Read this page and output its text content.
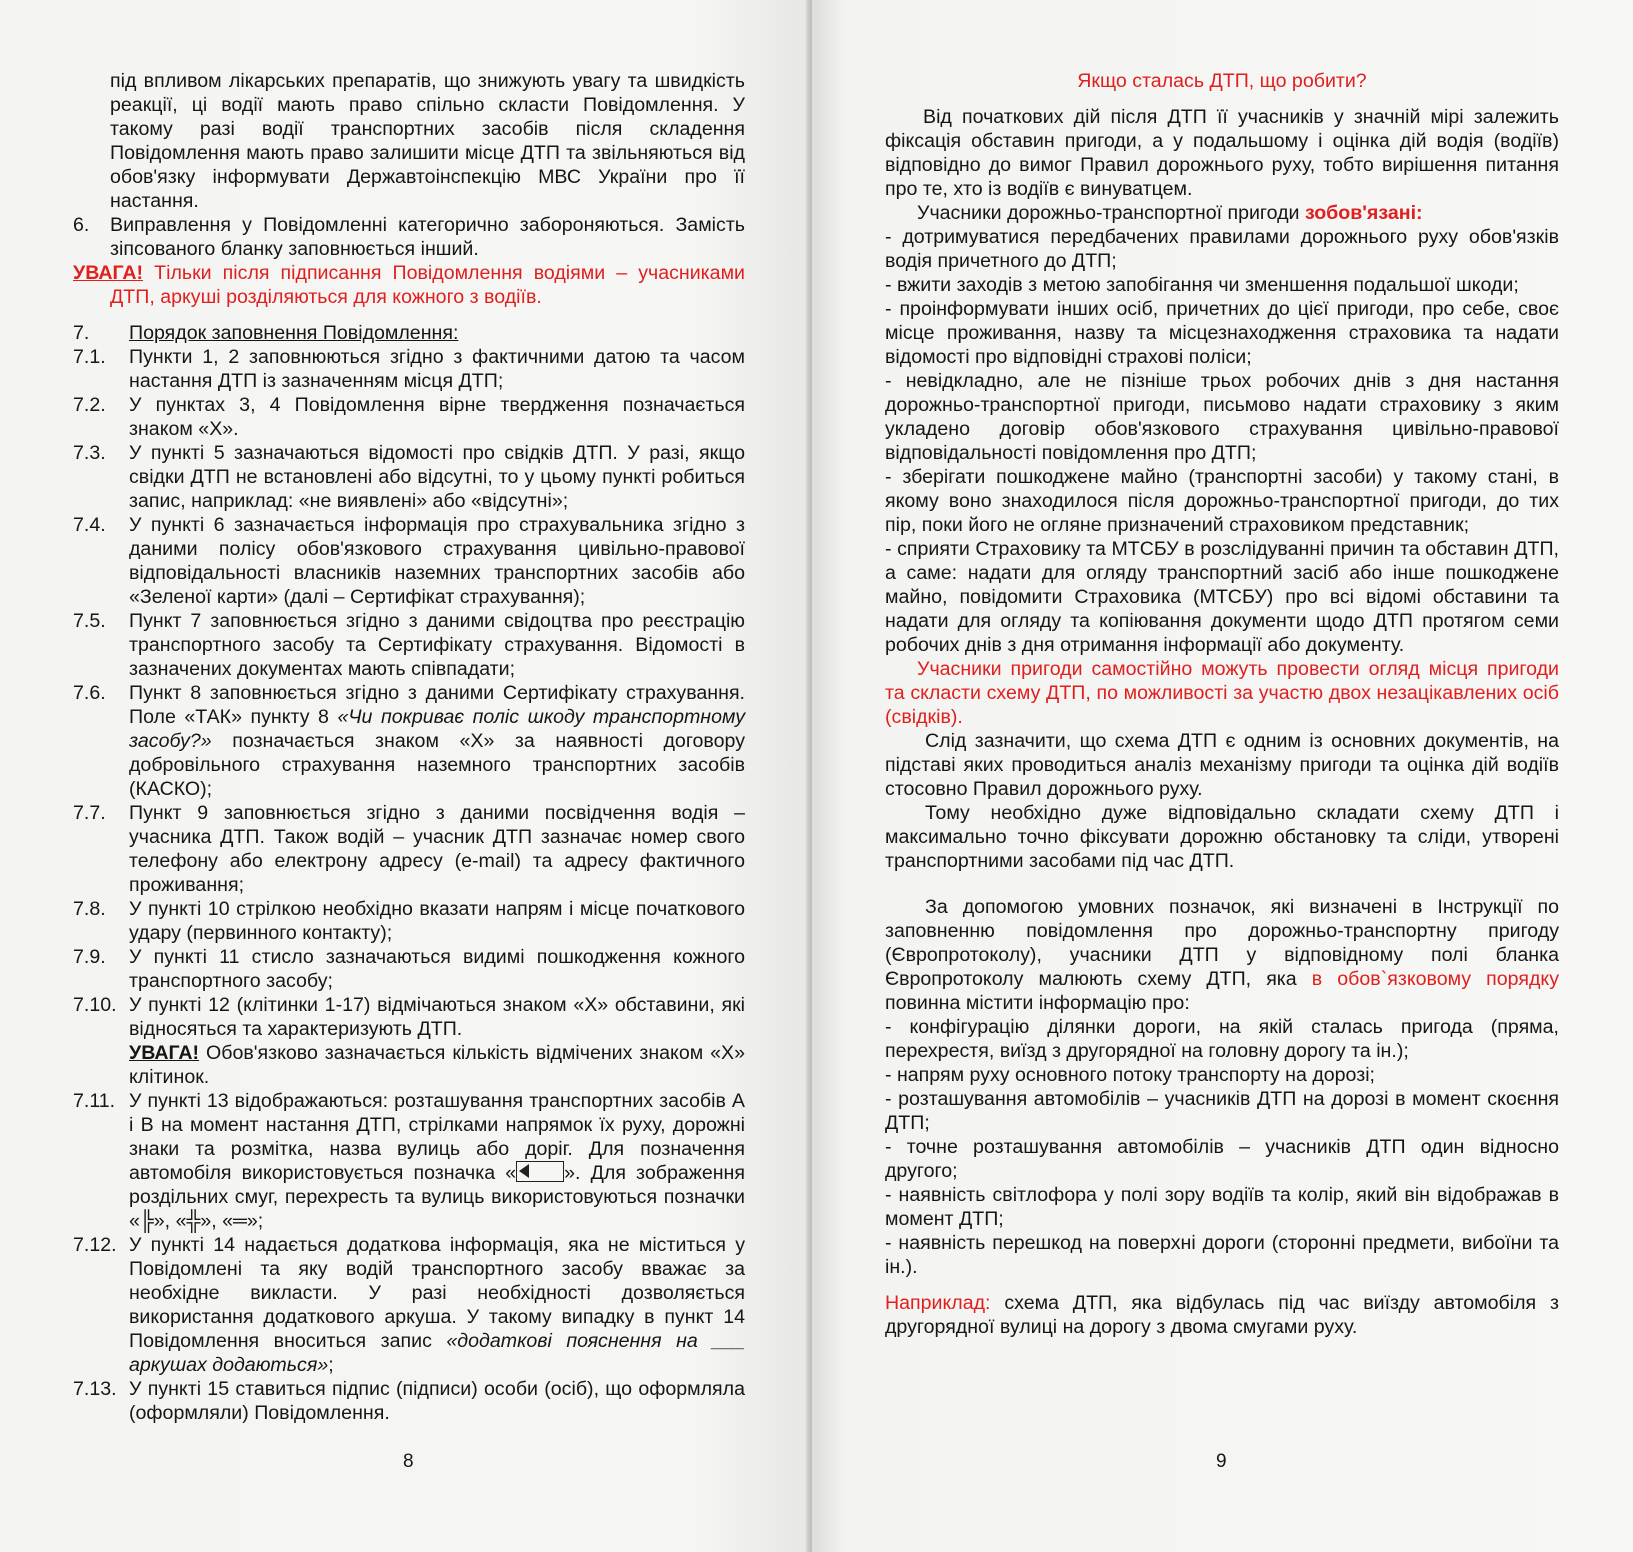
під впливом лікарських препаратів, що знижують увагу та швидкість реакції, ці водії мають право спільно скласти Повідомлення. У такому разі водії транспортних засобів після складення Повідомлення мають право залишити місце ДТП та звільняються від обов'язку інформувати Державтоінспекцію МВС України про її настання.

6.	Виправлення у Повідомленні категорично забороняються. Замість зіпсованого бланку заповнюється інший.

УВАГА! Тільки після підписання Повідомлення водіями – учасниками ДТП, аркуші розділяються для кожного з водіїв.

7.	Порядок заповнення Повідомлення:
7.1.	Пункти 1, 2 заповнюються згідно з фактичними датою та часом настання ДТП із зазначенням місця ДТП;
7.2.	У пунктах 3, 4 Повідомлення вірне твердження позначається знаком «Х».
7.3.	У пункті 5 зазначаються відомості про свідків ДТП. У разі, якщо свідки ДТП не встановлені або відсутні, то у цьому пункті робиться запис, наприклад: «не виявлені» або «відсутні»;
7.4.	У пункті 6 зазначається інформація про страхувальника згідно з даними полісу обов'язкового страхування цивільно-правової відповідальності власників наземних транспортних засобів або «Зеленої карти» (далі – Сертифікат страхування);
7.5.	Пункт 7 заповнюється згідно з даними свідоцтва про реєстрацію транспортного засобу та Сертифікату страхування. Відомості в зазначених документах мають співпадати;
7.6.	Пункт 8 заповнюється згідно з даними Сертифікату страхування. Поле «ТАК» пункту 8 «Чи покриває поліс шкоду транспортному засобу?» позначається знаком «Х» за наявності договору добровільного страхування наземного транспортних засобів (КАСКО);
7.7.	Пункт 9 заповнюється згідно з даними посвідчення водія – учасника ДТП. Також водій – учасник ДТП зазначає номер свого телефону або електрону адресу (e-mail) та адресу фактичного проживання;
7.8.	У пункті 10 стрілкою необхідно вказати напрям і місце початкового удару (первинного контакту);
7.9.	У пункті 11 стисло зазначаються видимі пошкодження кожного транспортного засобу;
7.10. У пункті 12 (клітинки 1-17) відмічаються знаком «Х» обставини, які відносяться та характеризують ДТП.
УВАГА! Обов'язково зазначається кількість відмічених знаком «Х» клітинок.
7.11. У пункті 13 відображаються: розташування транспортних засобів А і В на момент настання ДТП, стрілками напрямок їх руху, дорожні знаки та розмітка, назва вулиць або доріг. Для позначення автомобіля використовується позначка « ». Для зображення роздільних смуг, перехресть та вулиць використовуються позначки «╠», «╬», «═»;
7.12. У пункті 14 надається додаткова інформація, яка не міститься у Повідомлені та яку водій транспортного засобу вважає за необхідне викласти. У разі необхідності дозволяється використання додаткового аркуша. У такому випадку в пункт 14 Повідомлення вноситься запис «додаткові пояснення на ___ аркушах додаються»;
7.13. У пункті 15 ставиться підпис (підписи) особи (осіб), що оформляла (оформляли) Повідомлення.
8	9

Якщо сталась ДТП, що робити?

Від початкових дій після ДТП її учасників у значній мірі залежить фіксація обставин пригоди, а у подальшому і оцінка дій водія (водіїв) відповідно до вимог Правил дорожнього руху, тобто вирішення питання про те, хто із водіїв є винуватцем.

Учасники дорожньо-транспортної пригоди зобов'язані:

- дотримуватися передбачених правилами дорожнього руху обов'язків водія причетного до ДТП;

- вжити заходів з метою запобігання чи зменшення подальшої шкоди;

- проінформувати інших осіб, причетних до цієї пригоди, про себе, своє місце проживання, назву та місцезнаходження страховика та надати відомості про відповідні страхові поліси;

- невідкладно, але не пізніше трьох робочих днів з дня настання дорожньо-транспортної пригоди, письмово надати страховику з яким укладено договір обов'язкового страхування цивільно-правової відповідальності повідомлення про ДТП;

- зберігати пошкоджене майно (транспортні засоби) у такому стані, в якому воно знаходилося після дорожньо-транспортної пригоди, до тих пір, поки його не огляне призначений страховиком представник;

- сприяти Страховику та МТСБУ в розслідуванні причин та обставин ДТП, а саме: надати для огляду транспортний засіб або інше пошкоджене майно, повідомити Страховика (МТСБУ) про всі відомі обставини та надати для огляду та копіювання документи щодо ДТП протягом семи робочих днів з дня отримання інформації або документу.

Учасники пригоди самостійно можуть провести огляд місця пригоди та скласти схему ДТП, по можливості за участю двох незацікавлених осіб (свідків).

Слід зазначити, що схема ДТП є одним із основних документів, на підставі яких проводиться аналіз механізму пригоди та оцінка дій водіїв стосовно Правил дорожнього руху.

Тому необхідно дуже відповідально складати схему ДТП і максимально точно фіксувати дорожню обстановку та сліди, утворені транспортними засобами під час ДТП.

За допомогою умовних позначок, які визначені в Інструкції по заповненню повідомлення про дорожньо-транспортну пригоду (Європротоколу), учасники ДТП у відповідному полі бланка Європротоколу малюють схему ДТП, яка в обов`язковому порядку повинна містити інформацію про:

- конфігурацію ділянки дороги, на якій сталась пригода (пряма, перехрестя, виїзд з другорядної на головну дорогу та ін.);

- напрям руху основного потоку транспорту на дорозі;

- розташування автомобілів – учасників ДТП на дорозі в момент скоєння ДТП;

- точне розташування автомобілів – учасників ДТП один відносно другого;

- наявність світлофора у полі зору водіїв та колір, який він відображав в момент ДТП;

- наявність перешкод на поверхні дороги (сторонні предмети, вибоїни та ін.).

Наприклад: схема ДТП, яка відбулась під час виїзду автомобіля з другорядної вулиці на дорогу з двома смугами руху.
